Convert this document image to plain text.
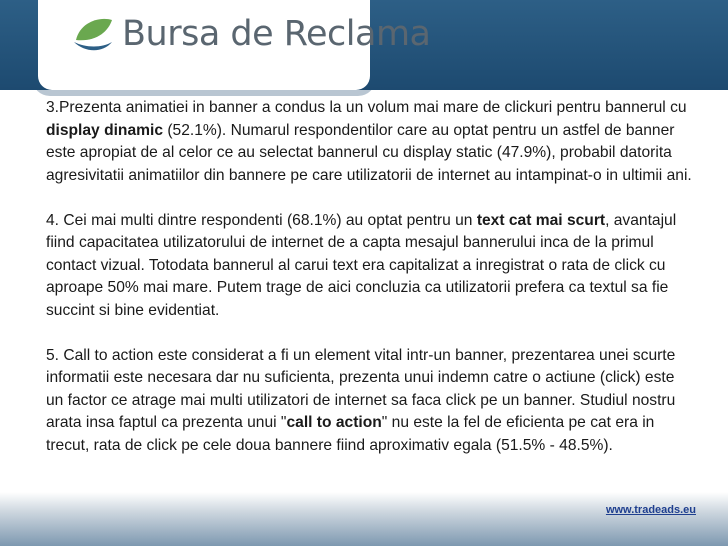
Bursa de Reclama

3.Prezenta animatiei in banner a condus la un volum mai mare de clickuri pentru bannerul cu display dinamic (52.1%). Numarul respondentilor care au optat pentru un astfel de banner este apropiat de al celor ce au selectat bannerul cu display static (47.9%), probabil datorita agresivitatii animatiilor din bannere pe care utilizatorii de internet au intampinat-o in ultimii ani.

4. Cei mai multi dintre respondenti (68.1%) au optat pentru un text cat mai scurt, avantajul fiind capacitatea utilizatorului de internet de a capta mesajul bannerului inca de la primul contact vizual. Totodata bannerul al carui text era capitalizat a inregistrat o rata de click cu aproape 50% mai mare. Putem trage de aici concluzia ca utilizatorii prefera ca textul sa fie succint si bine evidentiat.

5. Call to action este considerat a fi un element vital intr-un banner, prezentarea unei scurte informatii este necesara dar nu suficienta, prezenta unui indemn catre o actiune (click) este un factor ce atrage mai multi utilizatori de internet sa faca click pe un banner. Studiul nostru arata insa faptul ca prezenta unui "call to action" nu este la fel de eficienta pe cat era in trecut, rata de click pe cele doua bannere fiind aproximativ egala (51.5% - 48.5%).

www.tradeads.eu
